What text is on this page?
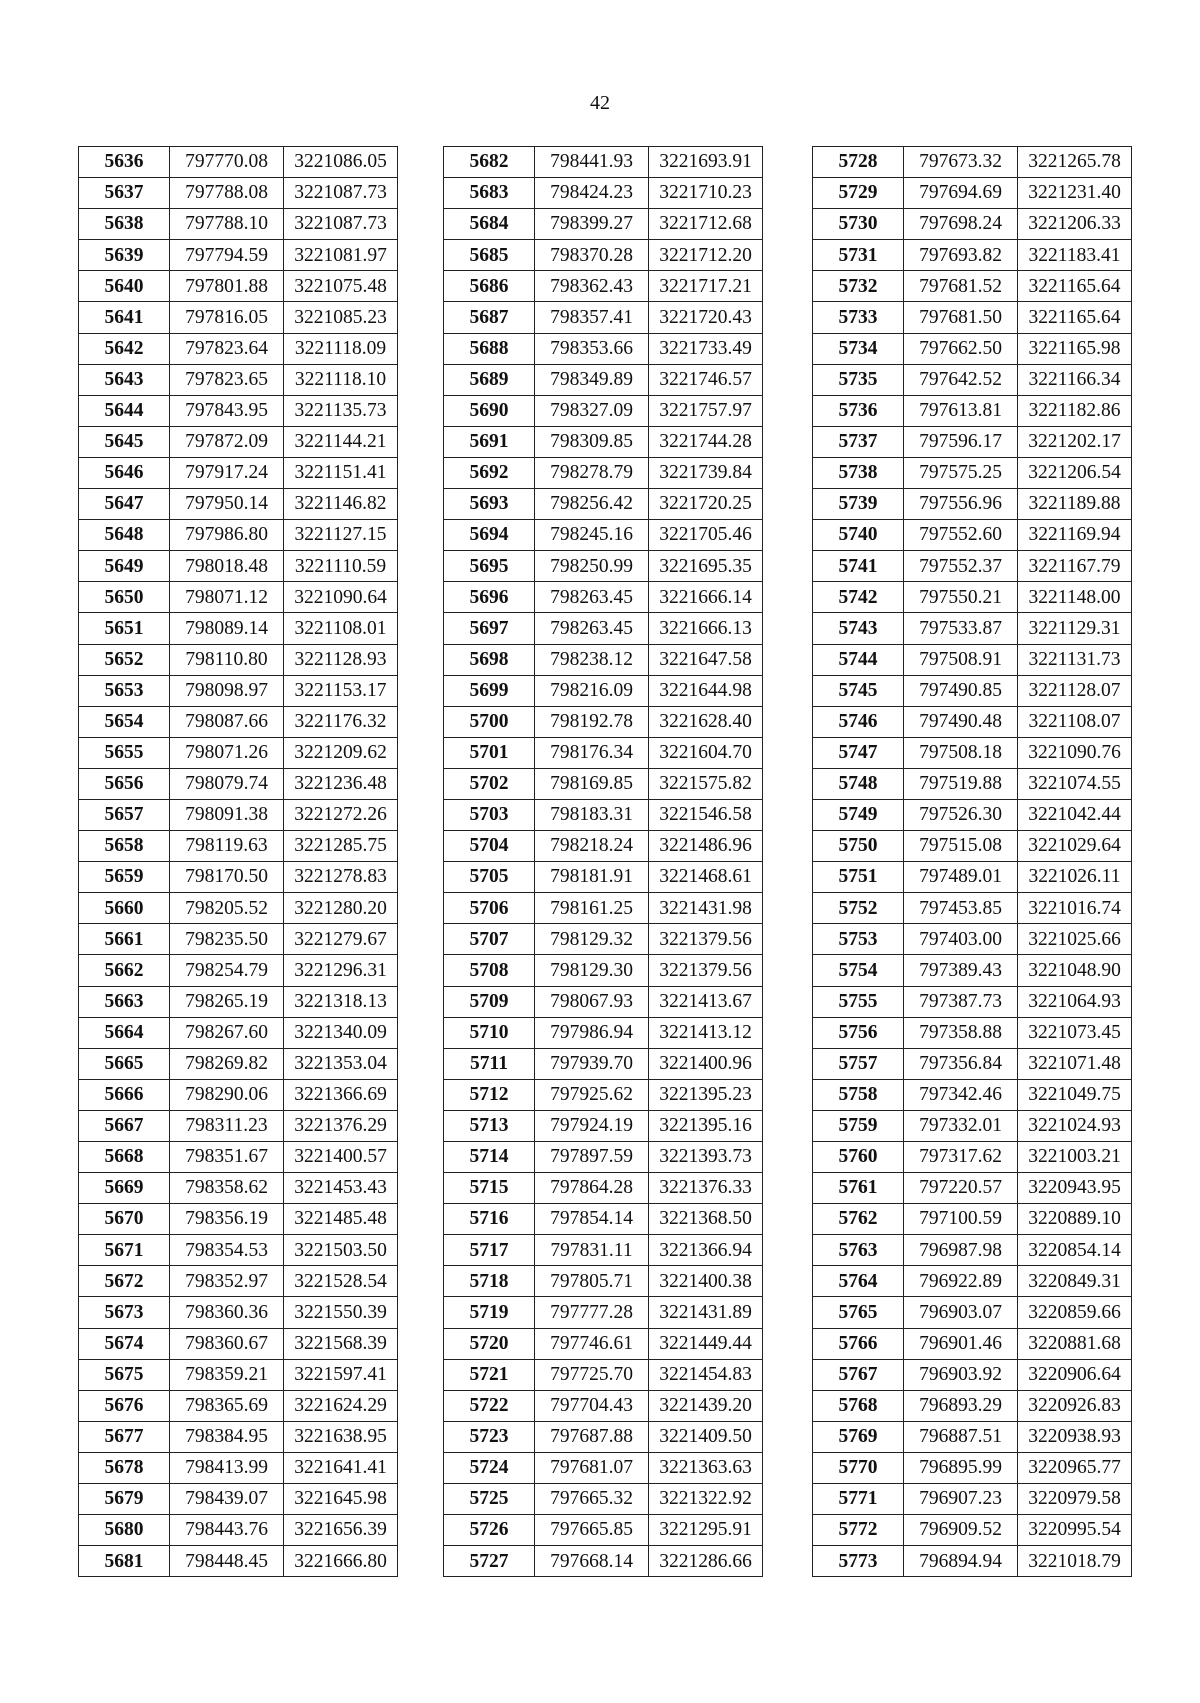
42
5636	797770.08	3221086.05
5637	797788.08	3221087.73
5638	797788.10	3221087.73
5639	797794.59	3221081.97
5640	797801.88	3221075.48
5641	797816.05	3221085.23
5642	797823.64	3221118.09
5643	797823.65	3221118.10
5644	797843.95	3221135.73
5645	797872.09	3221144.21
5646	797917.24	3221151.41
5647	797950.14	3221146.82
5648	797986.80	3221127.15
5649	798018.48	3221110.59
5650	798071.12	3221090.64
5651	798089.14	3221108.01
5652	798110.80	3221128.93
5653	798098.97	3221153.17
5654	798087.66	3221176.32
5655	798071.26	3221209.62
5656	798079.74	3221236.48
5657	798091.38	3221272.26
5658	798119.63	3221285.75
5659	798170.50	3221278.83
5660	798205.52	3221280.20
5661	798235.50	3221279.67
5662	798254.79	3221296.31
5663	798265.19	3221318.13
5664	798267.60	3221340.09
5665	798269.82	3221353.04
5666	798290.06	3221366.69
5667	798311.23	3221376.29
5668	798351.67	3221400.57
5669	798358.62	3221453.43
5670	798356.19	3221485.48
5671	798354.53	3221503.50
5672	798352.97	3221528.54
5673	798360.36	3221550.39
5674	798360.67	3221568.39
5675	798359.21	3221597.41
5676	798365.69	3221624.29
5677	798384.95	3221638.95
5678	798413.99	3221641.41
5679	798439.07	3221645.98
5680	798443.76	3221656.39
5681	798448.45	3221666.80
5682	798441.93	3221693.91
5683	798424.23	3221710.23
5684	798399.27	3221712.68
5685	798370.28	3221712.20
5686	798362.43	3221717.21
5687	798357.41	3221720.43
5688	798353.66	3221733.49
5689	798349.89	3221746.57
5690	798327.09	3221757.97
5691	798309.85	3221744.28
5692	798278.79	3221739.84
5693	798256.42	3221720.25
5694	798245.16	3221705.46
5695	798250.99	3221695.35
5696	798263.45	3221666.14
5697	798263.45	3221666.13
5698	798238.12	3221647.58
5699	798216.09	3221644.98
5700	798192.78	3221628.40
5701	798176.34	3221604.70
5702	798169.85	3221575.82
5703	798183.31	3221546.58
5704	798218.24	3221486.96
5705	798181.91	3221468.61
5706	798161.25	3221431.98
5707	798129.32	3221379.56
5708	798129.30	3221379.56
5709	798067.93	3221413.67
5710	797986.94	3221413.12
5711	797939.70	3221400.96
5712	797925.62	3221395.23
5713	797924.19	3221395.16
5714	797897.59	3221393.73
5715	797864.28	3221376.33
5716	797854.14	3221368.50
5717	797831.11	3221366.94
5718	797805.71	3221400.38
5719	797777.28	3221431.89
5720	797746.61	3221449.44
5721	797725.70	3221454.83
5722	797704.43	3221439.20
5723	797687.88	3221409.50
5724	797681.07	3221363.63
5725	797665.32	3221322.92
5726	797665.85	3221295.91
5727	797668.14	3221286.66
5728	797673.32	3221265.78
5729	797694.69	3221231.40
5730	797698.24	3221206.33
5731	797693.82	3221183.41
5732	797681.52	3221165.64
5733	797681.50	3221165.64
5734	797662.50	3221165.98
5735	797642.52	3221166.34
5736	797613.81	3221182.86
5737	797596.17	3221202.17
5738	797575.25	3221206.54
5739	797556.96	3221189.88
5740	797552.60	3221169.94
5741	797552.37	3221167.79
5742	797550.21	3221148.00
5743	797533.87	3221129.31
5744	797508.91	3221131.73
5745	797490.85	3221128.07
5746	797490.48	3221108.07
5747	797508.18	3221090.76
5748	797519.88	3221074.55
5749	797526.30	3221042.44
5750	797515.08	3221029.64
5751	797489.01	3221026.11
5752	797453.85	3221016.74
5753	797403.00	3221025.66
5754	797389.43	3221048.90
5755	797387.73	3221064.93
5756	797358.88	3221073.45
5757	797356.84	3221071.48
5758	797342.46	3221049.75
5759	797332.01	3221024.93
5760	797317.62	3221003.21
5761	797220.57	3220943.95
5762	797100.59	3220889.10
5763	796987.98	3220854.14
5764	796922.89	3220849.31
5765	796903.07	3220859.66
5766	796901.46	3220881.68
5767	796903.92	3220906.64
5768	796893.29	3220926.83
5769	796887.51	3220938.93
5770	796895.99	3220965.77
5771	796907.23	3220979.58
5772	796909.52	3220995.54
5773	796894.94	3221018.79
